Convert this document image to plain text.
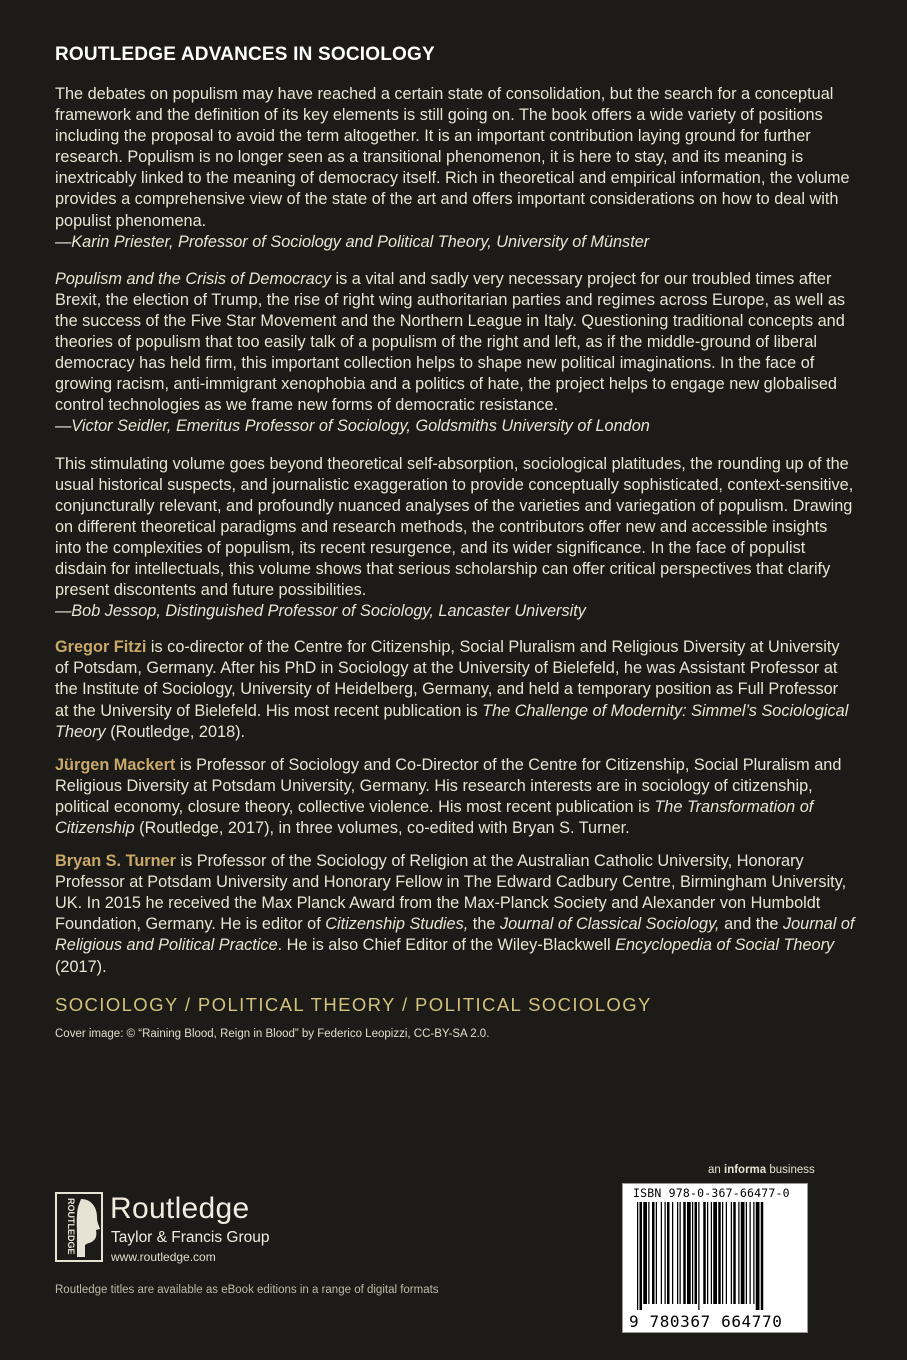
ROUTLEDGE ADVANCES IN SOCIOLOGY

The debates on populism may have reached a certain state of consolidation, but the search for a conceptual framework and the definition of its key elements is still going on. The book offers a wide variety of positions including the proposal to avoid the term altogether. It is an important contribution laying ground for further research. Populism is no longer seen as a transitional phenomenon, it is here to stay, and its meaning is inextricably linked to the meaning of democracy itself. Rich in theoretical and empirical information, the volume provides a comprehensive view of the state of the art and offers important considerations on how to deal with populist phenomena.

—Karin Priester, Professor of Sociology and Political Theory, University of Münster

Populism and the Crisis of Democracy is a vital and sadly very necessary project for our troubled times after Brexit, the election of Trump, the rise of right wing authoritarian parties and regimes across Europe, as well as the success of the Five Star Movement and the Northern League in Italy. Questioning traditional concepts and theories of populism that too easily talk of a populism of the right and left, as if the middle-ground of liberal democracy has held firm, this important collection helps to shape new political imaginations. In the face of growing racism, anti-immigrant xenophobia and a politics of hate, the project helps to engage new globalised control technologies as we frame new forms of democratic resistance.

—Victor Seidler, Emeritus Professor of Sociology, Goldsmiths University of London

This stimulating volume goes beyond theoretical self-absorption, sociological platitudes, the rounding up of the usual historical suspects, and journalistic exaggeration to provide conceptually sophisticated, context-sensitive, conjuncturally relevant, and profoundly nuanced analyses of the varieties and variegation of populism. Drawing on different theoretical paradigms and research methods, the contributors offer new and accessible insights into the complexities of populism, its recent resurgence, and its wider significance. In the face of populist disdain for intellectuals, this volume shows that serious scholarship can offer critical perspectives that clarify present discontents and future possibilities.

—Bob Jessop, Distinguished Professor of Sociology, Lancaster University

Gregor Fitzi is co-director of the Centre for Citizenship, Social Pluralism and Religious Diversity at University of Potsdam, Germany. After his PhD in Sociology at the University of Bielefeld, he was Assistant Professor at the Institute of Sociology, University of Heidelberg, Germany, and held a temporary position as Full Professor at the University of Bielefeld. His most recent publication is The Challenge of Modernity: Simmel’s Sociological Theory (Routledge, 2018).

Jürgen Mackert is Professor of Sociology and Co-Director of the Centre for Citizenship, Social Pluralism and Religious Diversity at Potsdam University, Germany. His research interests are in sociology of citizenship, political economy, closure theory, collective violence. His most recent publication is The Transformation of Citizenship (Routledge, 2017), in three volumes, co-edited with Bryan S. Turner.

Bryan S. Turner is Professor of the Sociology of Religion at the Australian Catholic University, Honorary Professor at Potsdam University and Honorary Fellow in The Edward Cadbury Centre, Birmingham University, UK. In 2015 he received the Max Planck Award from the Max-Planck Society and Alexander von Humboldt Foundation, Germany. He is editor of Citizenship Studies, the Journal of Classical Sociology, and the Journal of Religious and Political Practice. He is also Chief Editor of the Wiley-Blackwell Encyclopedia of Social Theory (2017).

SOCIOLOGY / POLITICAL THEORY / POLITICAL SOCIOLOGY
Cover image: © “Raining Blood, Reign in Blood” by Federico Leopizzi, CC-BY-SA 2.0.
ROUTLEDGE Routledge
Taylor & Francis Group
www.routledge.com
Routledge titles are available as eBook editions in a range of digital formats
an informa business
ISBN 978-0-367-66477-0
9 780367 664770
